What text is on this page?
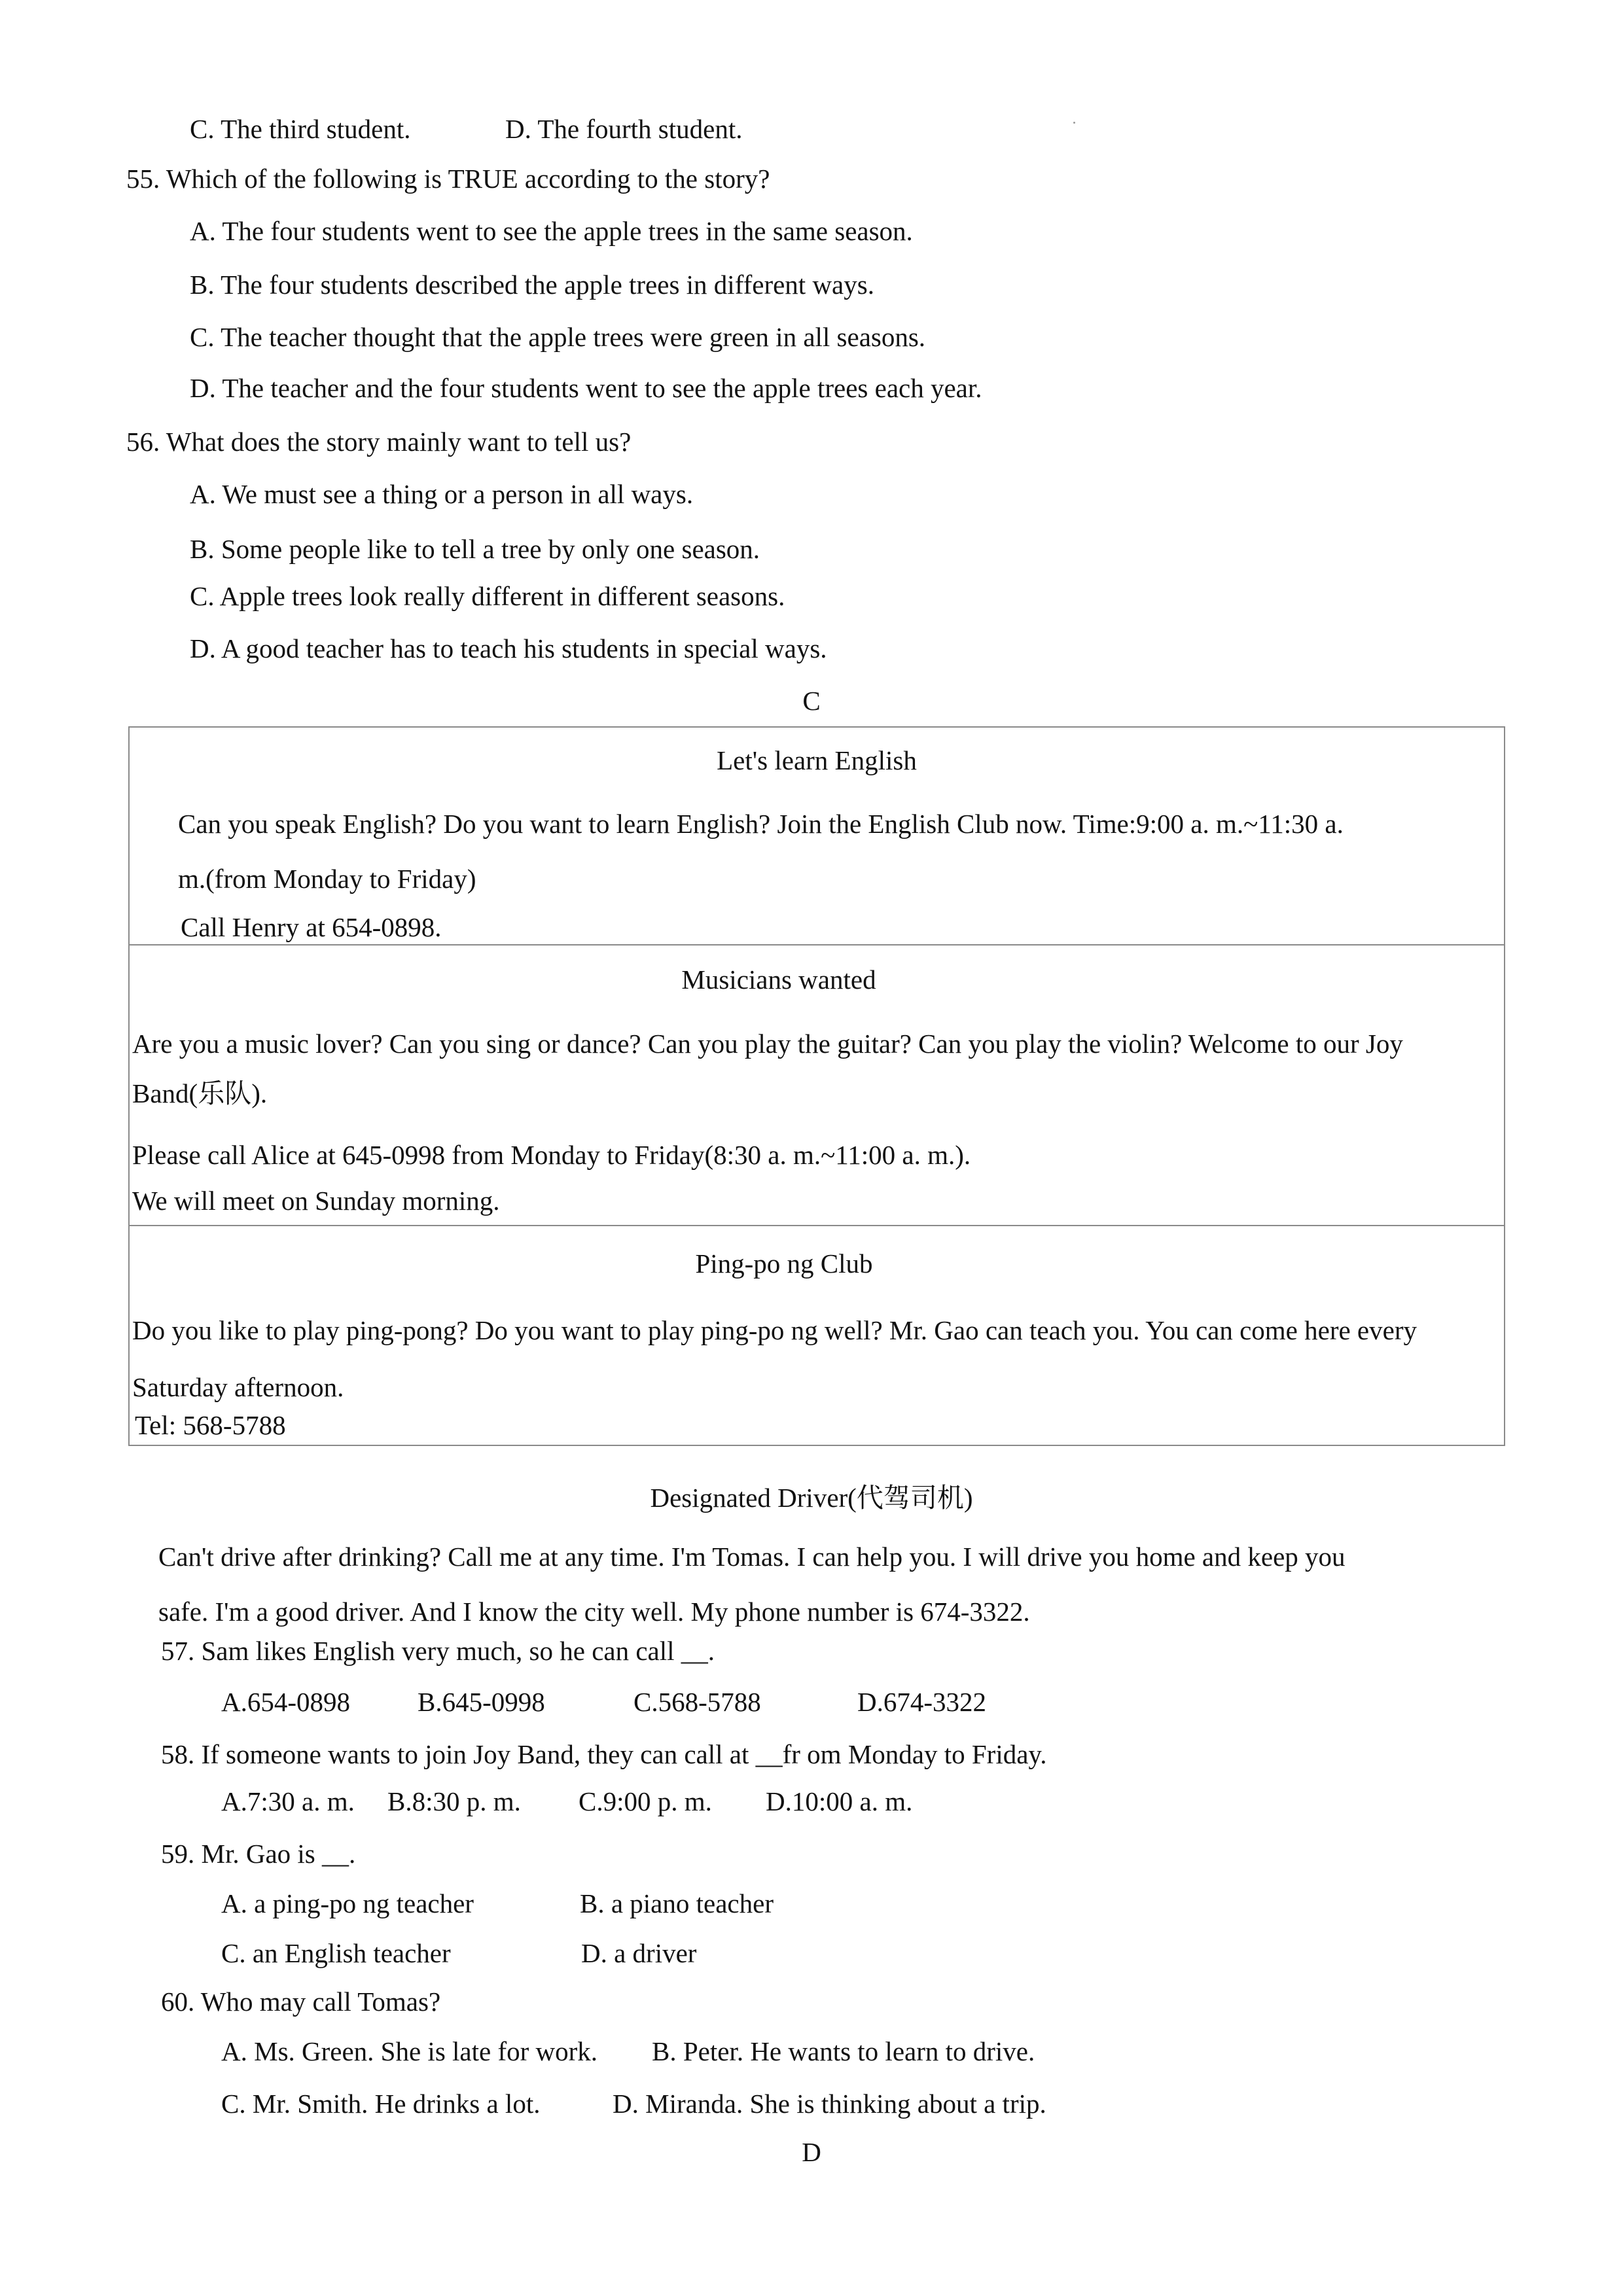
C. The third student.	D. The fourth student.
55. Which of the following is TRUE according to the story?
A. The four students went to see the apple trees in the same season.
B. The four students described the apple trees in different ways.
C. The teacher thought that the apple trees were green in all seasons.
D. The teacher and the four students went to see the apple trees each year.
56. What does the story mainly want to tell us?
A. We must see a thing or a person in all ways.
B. Some people like to tell a tree by only one season.
C. Apple trees look really different in different seasons.
D. A good teacher has to teach his students in special ways.
C
Let's learn English
Can you speak English? Do you want to learn English? Join the English Club now. Time:9:00 a. m.~11:30 a.
m.(from Monday to Friday)
Call Henry at 654-0898.
Musicians wanted
Are you a music lover? Can you sing or dance? Can you play the guitar? Can you play the violin? Welcome to our Joy
Band(乐队).
Please call Alice at 645-0998 from Monday to Friday(8:30 a. m.~11:00 a. m.).
We will meet on Sunday morning.
Ping-po ng Club
Do you like to play ping-pong? Do you want to play ping-po ng well? Mr. Gao can teach you. You can come here every
Saturday afternoon.
Tel: 568-5788
Designated Driver(代驾司机)
Can't drive after drinking? Call me at any time. I'm Tomas. I can help you. I will drive you home and keep you
safe. I'm a good driver. And I know the city well. My phone number is 674-3322.
57. Sam likes English very much, so he can call __.
A.654-0898	B.645-0998	C.568-5788	D.674-3322
58. If someone wants to join Joy Band, they can call at __fr om Monday to Friday.
A.7:30 a. m. B.8:30 p. m. C.9:00 p. m. D.10:00 a. m.
59. Mr. Gao is __.
A. a ping-po ng teacher	B. a piano teacher
C. an English teacher	D. a driver
60. Who may call Tomas?
A. Ms. Green. She is late for work. B. Peter. He wants to learn to drive.
C. Mr. Smith. He drinks a lot.	D. Miranda. She is thinking about a trip.
D
